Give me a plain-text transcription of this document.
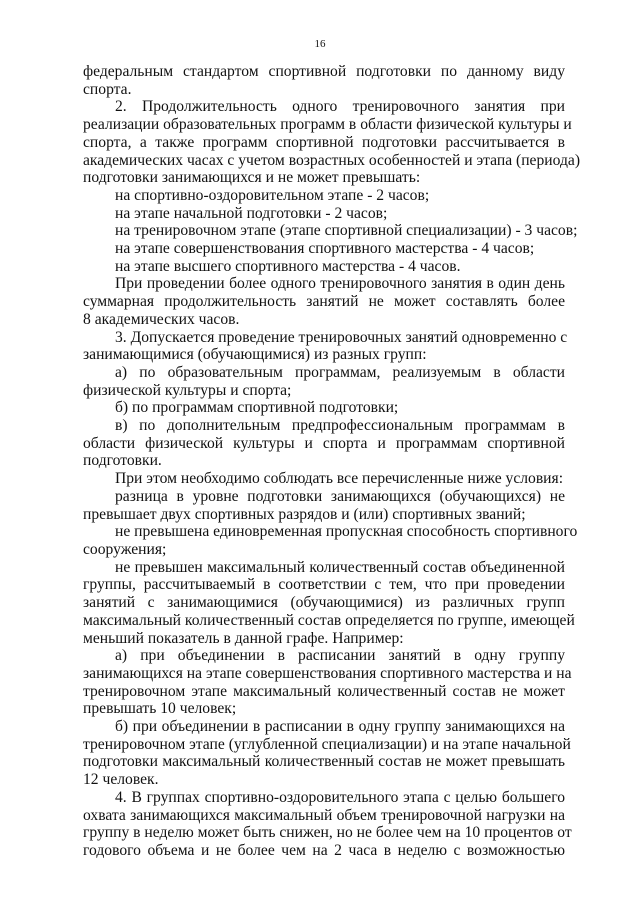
16

федеральным стандартом спортивной подготовки по данному виду

спорта.

2. Продолжительность одного тренировочного занятия при

реализации образовательных программ в области физической культуры и

спорта, а также программ спортивной подготовки рассчитывается в

академических часах с учетом возрастных особенностей и этапа (периода)

подготовки занимающихся и не может превышать:

на спортивно-оздоровительном этапе - 2 часов;

на этапе начальной подготовки - 2 часов;

на тренировочном этапе (этапе спортивной специализации) - 3 часов;

на этапе совершенствования спортивного мастерства - 4 часов;

на этапе высшего спортивного мастерства - 4 часов.

При проведении более одного тренировочного занятия в один день

суммарная продолжительность занятий не может составлять более

8 академических часов.

3. Допускается проведение тренировочных занятий одновременно с

занимающимися (обучающимися) из разных групп:

а) по образовательным программам, реализуемым в области

физической культуры и спорта;

б) по программам спортивной подготовки;

в) по дополнительным предпрофессиональным программам в

области физической культуры и спорта и программам спортивной

подготовки.

При этом необходимо соблюдать все перечисленные ниже условия:

разница в уровне подготовки занимающихся (обучающихся) не

превышает двух спортивных разрядов и (или) спортивных званий;

не превышена единовременная пропускная способность спортивного

сооружения;

не превышен максимальный количественный состав объединенной

группы, рассчитываемый в соответствии с тем, что при проведении

занятий с занимающимися (обучающимися) из различных групп

максимальный количественный состав определяется по группе, имеющей

меньший показатель в данной графе. Например:

а) при объединении в расписании занятий в одну группу

занимающихся на этапе совершенствования спортивного мастерства и на

тренировочном этапе максимальный количественный состав не может

превышать 10 человек;

б) при объединении в расписании в одну группу занимающихся на

тренировочном этапе (углубленной специализации) и на этапе начальной

подготовки максимальный количественный состав не может превышать

12 человек.

4. В группах спортивно-оздоровительного этапа с целью большего

охвата занимающихся максимальный объем тренировочной нагрузки на

группу в неделю может быть снижен, но не более чем на 10 процентов от

годового объема и не более чем на 2 часа в неделю с возможностью
